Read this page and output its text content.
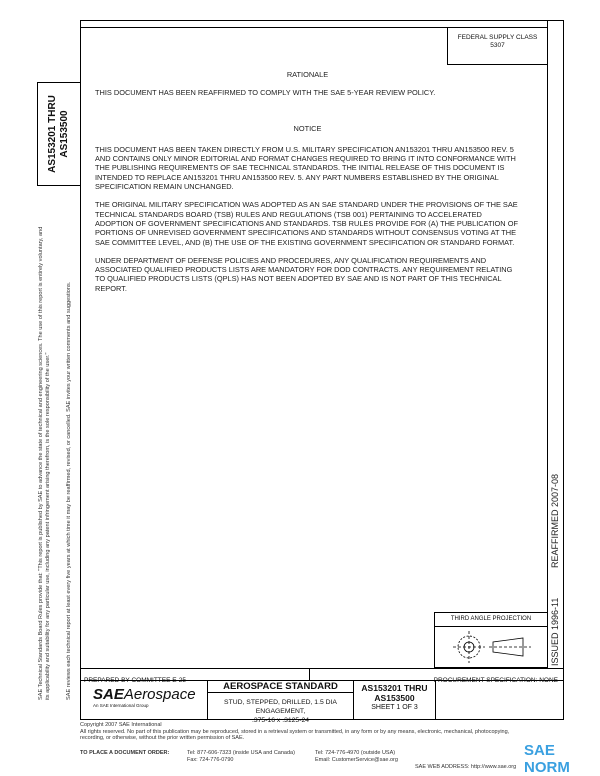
FEDERAL SUPPLY CLASS
5307

RATIONALE

THIS DOCUMENT HAS BEEN REAFFIRMED TO COMPLY WITH THE SAE 5-YEAR REVIEW POLICY.

NOTICE

THIS DOCUMENT HAS BEEN TAKEN DIRECTLY FROM U.S. MILITARY SPECIFICATION AN153201 THRU AN153500 REV. 5 AND CONTAINS ONLY MINOR EDITORIAL AND FORMAT CHANGES REQUIRED TO BRING IT INTO CONFORMANCE WITH THE PUBLISHING REQUIREMENTS OF SAE TECHNICAL STANDARDS. THE INITIAL RELEASE OF THIS DOCUMENT IS INTENDED TO REPLACE AN153201 THRU AN153500 REV. 5. ANY PART NUMBERS ESTABLISHED BY THE ORIGINAL SPECIFICATION REMAIN UNCHANGED.

THE ORIGINAL MILITARY SPECIFICATION WAS ADOPTED AS AN SAE STANDARD UNDER THE PROVISIONS OF THE SAE TECHNICAL STANDARDS BOARD (TSB) RULES AND REGULATIONS (TSB 001) PERTAINING TO ACCELERATED ADOPTION OF GOVERNMENT SPECIFICATIONS AND STANDARDS. TSB RULES PROVIDE FOR (A) THE PUBLICATION OF PORTIONS OF UNREVISED GOVERNMENT SPECIFICATIONS AND STANDARDS WITHOUT CONSENSUS VOTING AT THE SAE COMMITTEE LEVEL, AND (B) THE USE OF THE EXISTING GOVERNMENT SPECIFICATION OR STANDARD FORMAT.

UNDER DEPARTMENT OF DEFENSE POLICIES AND PROCEDURES, ANY QUALIFICATION REQUIREMENTS AND ASSOCIATED QUALIFIED PRODUCTS LISTS ARE MANDATORY FOR DOD CONTRACTS. ANY REQUIREMENT RELATING TO QUALIFIED PRODUCTS LISTS (QPLS) HAS NOT BEEN ADOPTED BY SAE AND IS NOT PART OF THIS TECHNICAL REPORT.

AS153201 THRU
AS153500
SAE Technical Standards Board Rules provide that: "This report is published by SAE to advance the state of technical and engineering sciences. The use of this report is entirely voluntary, and its applicability and suitability for any particular use, including any patent infringement arising therefrom, is the sole responsibility of the user."	SAE reviews each technical report at least every five years at which time it may be reaffirmed, revised, or cancelled. SAE invites your written comments and suggestions.	REAFFIRMED 2007-08
ISSUED 1996-11
THIRD ANGLE PROJECTION
PREPARED BY COMMITTEE E-25	PROCUREMENT SPECIFICATION: NONE
SAEAerospace
An SAE International Group
AEROSPACE STANDARD
STUD, STEPPED, DRILLED, 1.5 DIA ENGAGEMENT,
.375-16 x .3125-24
AS153201 THRU
AS153500
SHEET 1 OF 3
Copyright 2007 SAE International
All rights reserved. No part of this publication may be reproduced, stored in a retrieval system or transmitted, in any form or by any means, electronic, mechanical, photocopying, recording, or otherwise, without the prior written permission of SAE.
TO PLACE A DOCUMENT ORDER:	Tel: 877-606-7323 (inside USA and Canada)
Fax: 724-776-0790
Tel: 724-776-4970 (outside USA)
Email: CustomerService@sae.org
SAE WEB ADDRESS: http://www.sae.org
SAE NORM
